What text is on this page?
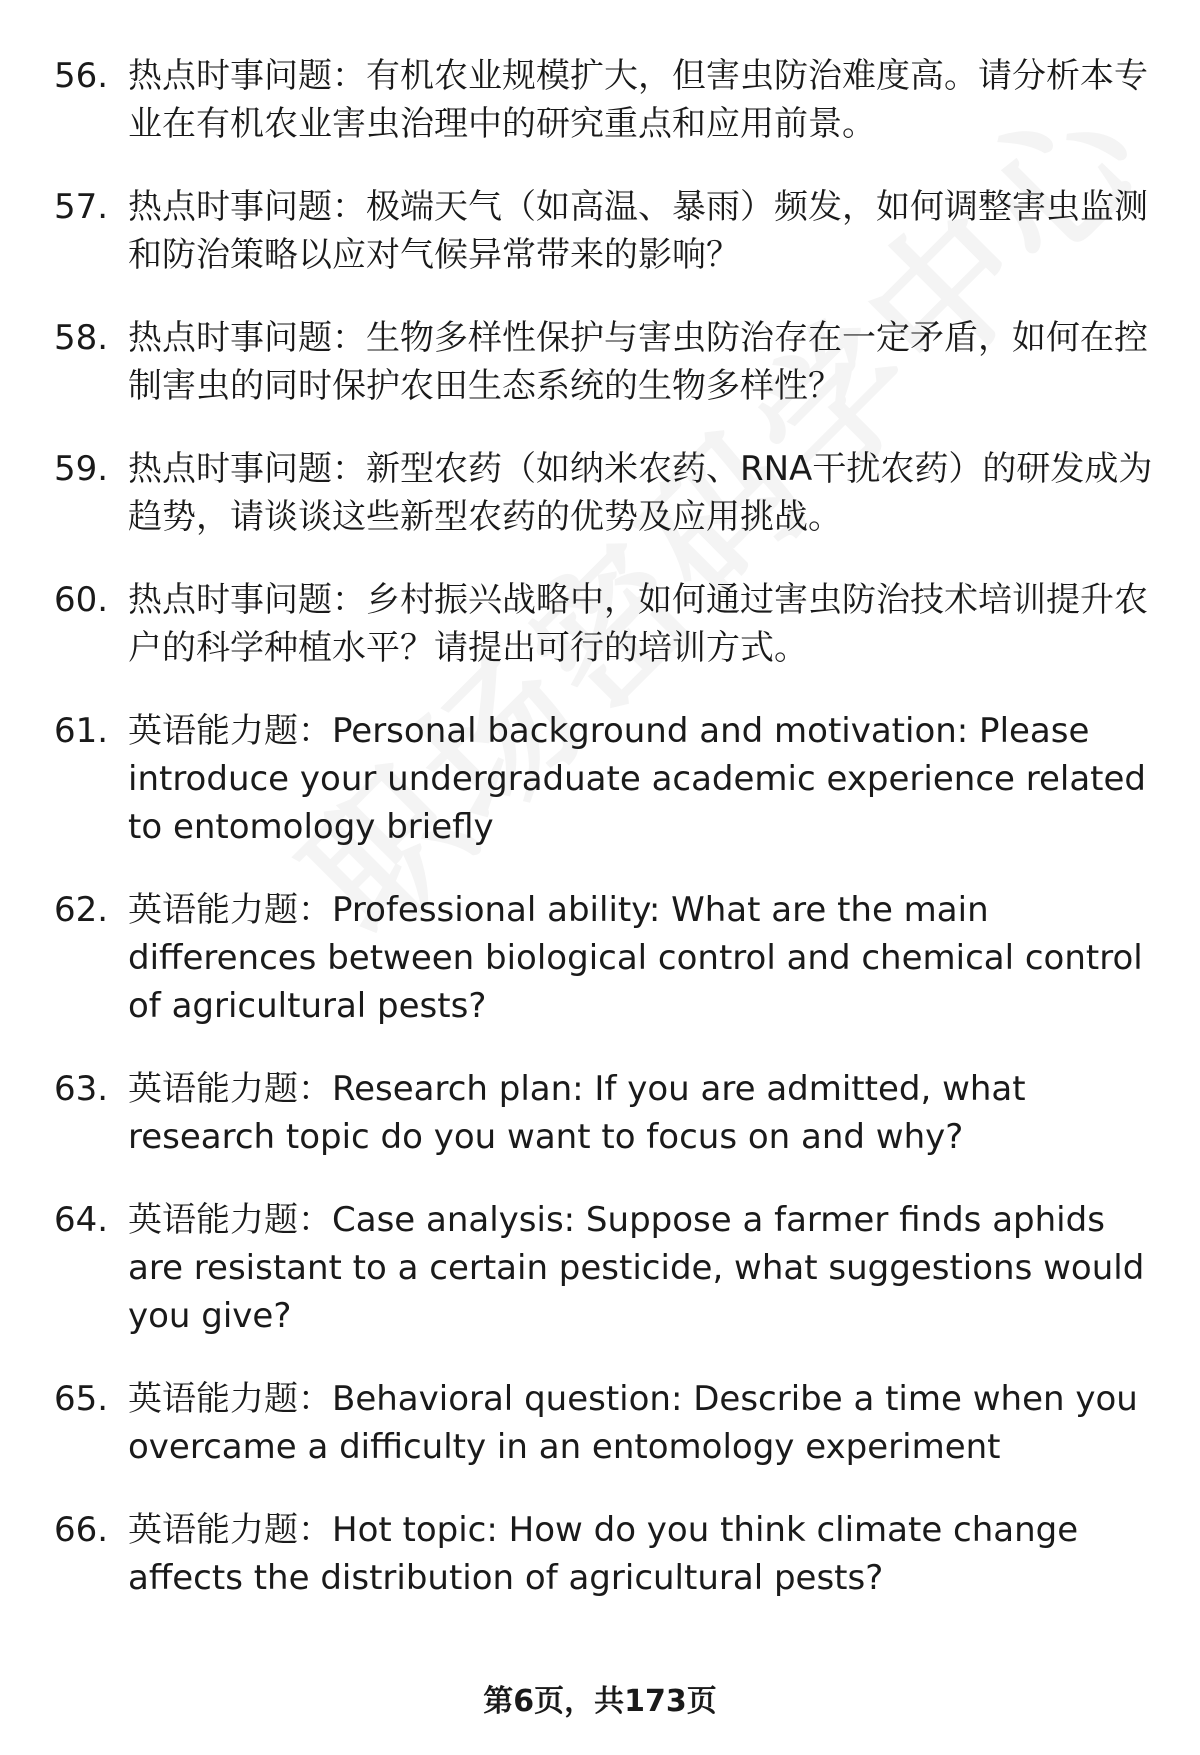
56. 热点时事问题：有机农业规模扩大，但害虫防治难度高。请分析本专业在有机农业害虫治理中的研究重点和应用前景。
57. 热点时事问题：极端天气（如高温、暴雨）频发，如何调整害虫监测和防治策略以应对气候异常带来的影响？
58. 热点时事问题：生物多样性保护与害虫防治存在一定矛盾，如何在控制害虫的同时保护农田生态系统的生物多样性？
59. 热点时事问题：新型农药（如纳米农药、RNA干扰农药）的研发成为趋势，请谈谈这些新型农药的优势及应用挑战。
60. 热点时事问题：乡村振兴战略中，如何通过害虫防治技术培训提升农户的科学种植水平？请提出可行的培训方式。
61. 英语能力题：Personal background and motivation: Please introduce your undergraduate academic experience related to entomology briefly
62. 英语能力题：Professional ability: What are the main differences between biological control and chemical control of agricultural pests?
63. 英语能力题：Research plan: If you are admitted, what research topic do you want to focus on and why?
64. 英语能力题：Case analysis: Suppose a farmer finds aphids are resistant to a certain pesticide, what suggestions would you give?
65. 英语能力题：Behavioral question: Describe a time when you overcame a difficulty in an entomology experiment
66. 英语能力题：Hot topic: How do you think climate change affects the distribution of agricultural pests?
第6页，共173页
